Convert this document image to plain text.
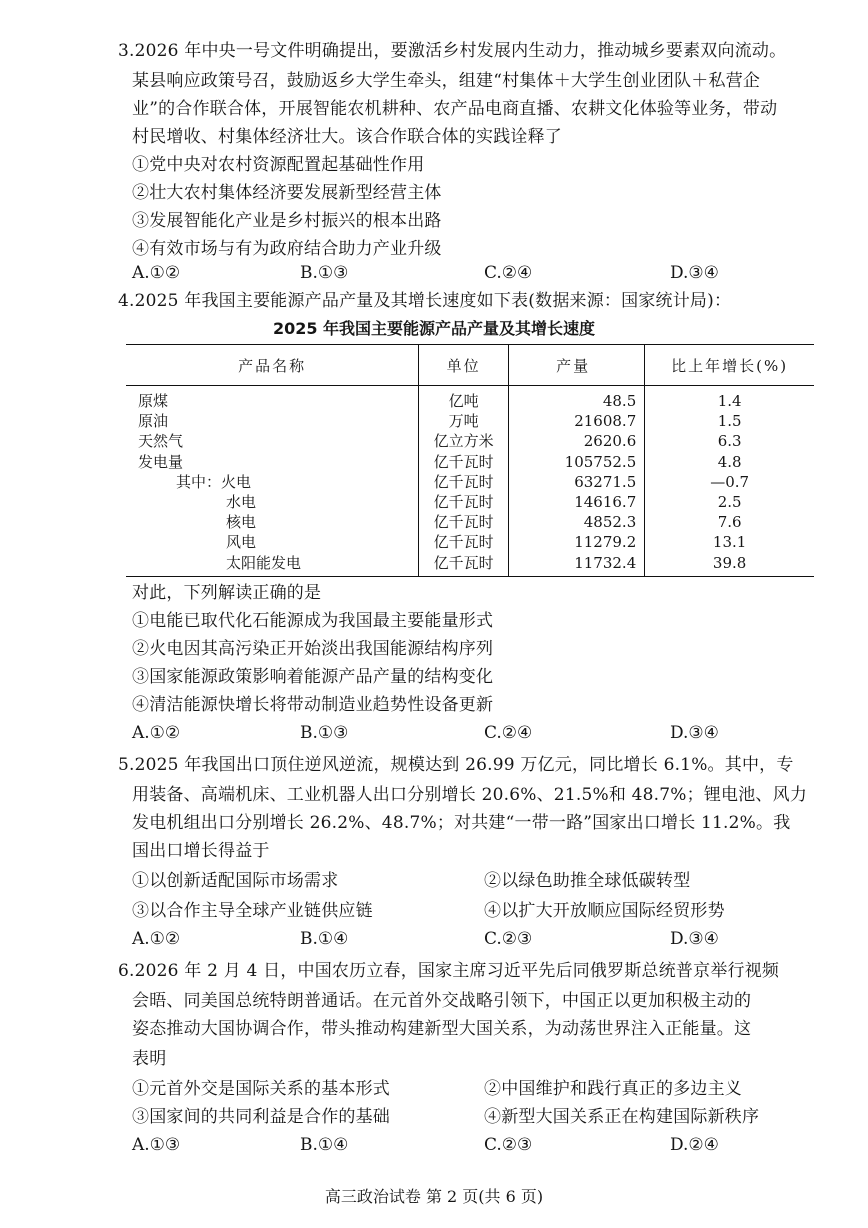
3.2026 年中央一号文件明确提出，要激活乡村发展内生动力，推动城乡要素双向流动。
某县响应政策号召，鼓励返乡大学生牵头，组建“村集体＋大学生创业团队＋私营企
业”的合作联合体，开展智能农机耕种、农产品电商直播、农耕文化体验等业务，带动
村民增收、村集体经济壮大。该合作联合体的实践诠释了
①党中央对农村资源配置起基础性作用
②壮大农村集体经济要发展新型经营主体
③发展智能化产业是乡村振兴的根本出路
④有效市场与有为政府结合助力产业升级
A.①②	B.①③	C.②④	D.③④
4.2025 年我国主要能源产品产量及其增长速度如下表(数据来源：国家统计局)：
2025 年我国主要能源产品产量及其增长速度
产品名称	单位	产量	比上年增长(%)
原煤	亿吨	48.5	1.4
原油	万吨	21608.7	1.5
天然气	亿立方米	2620.6	6.3
发电量	亿千瓦时	105752.5	4.8
其中：火电	亿千瓦时	63271.5	—0.7
水电	亿千瓦时	14616.7	2.5
核电	亿千瓦时	4852.3	7.6
风电	亿千瓦时	11279.2	13.1
太阳能发电	亿千瓦时	11732.4	39.8
对此，下列解读正确的是
①电能已取代化石能源成为我国最主要能量形式
②火电因其高污染正开始淡出我国能源结构序列
③国家能源政策影响着能源产品产量的结构变化
④清洁能源快增长将带动制造业趋势性设备更新
A.①②	B.①③	C.②④	D.③④
5.2025 年我国出口顶住逆风逆流，规模达到 26.99 万亿元，同比增长 6.1%。其中，专
用装备、高端机床、工业机器人出口分别增长 20.6%、21.5%和 48.7%；锂电池、风力
发电机组出口分别增长 26.2%、48.7%；对共建“一带一路”国家出口增长 11.2%。我
国出口增长得益于
①以创新适配国际市场需求	②以绿色助推全球低碳转型
③以合作主导全球产业链供应链	④以扩大开放顺应国际经贸形势
A.①②	B.①④	C.②③	D.③④
6.2026 年 2 月 4 日，中国农历立春，国家主席习近平先后同俄罗斯总统普京举行视频
会晤、同美国总统特朗普通话。在元首外交战略引领下，中国正以更加积极主动的
姿态推动大国协调合作，带头推动构建新型大国关系，为动荡世界注入正能量。这
表明
①元首外交是国际关系的基本形式	②中国维护和践行真正的多边主义
③国家间的共同利益是合作的基础	④新型大国关系正在构建国际新秩序
A.①③	B.①④	C.②③	D.②④
高三政治试卷 第 2 页(共 6 页)
